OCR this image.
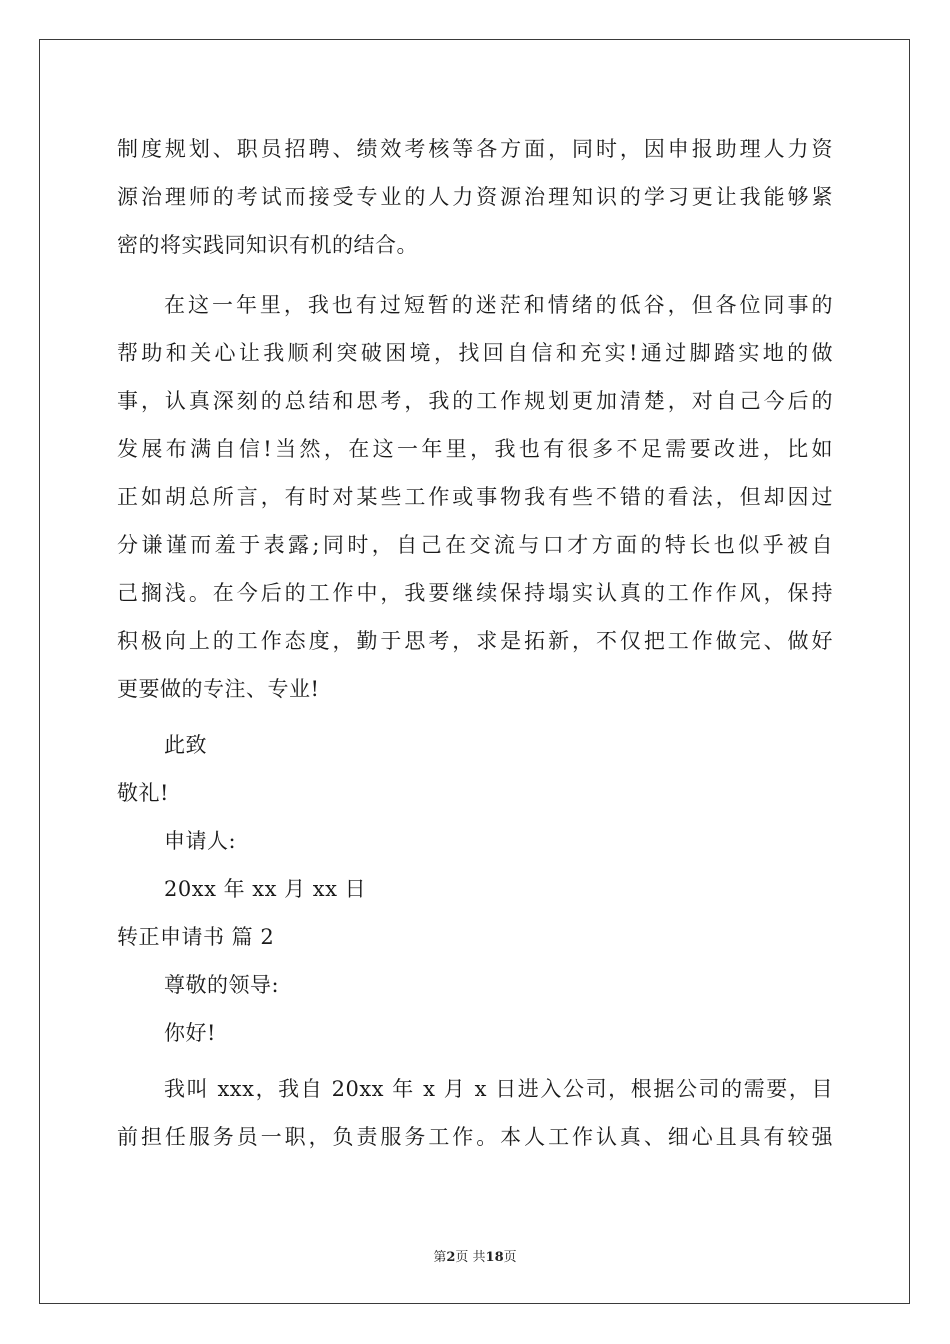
制度规划、职员招聘、绩效考核等各方面，同时，因申报助理人力资
源治理师的考试而接受专业的人力资源治理知识的学习更让我能够紧
密的将实践同知识有机的结合。
在这一年里，我也有过短暂的迷茫和情绪的低谷，但各位同事的
帮助和关心让我顺利突破困境，找回自信和充实!通过脚踏实地的做
事，认真深刻的总结和思考，我的工作规划更加清楚，对自己今后的
发展布满自信!当然，在这一年里，我也有很多不足需要改进，比如
正如胡总所言，有时对某些工作或事物我有些不错的看法，但却因过
分谦谨而羞于表露;同时，自己在交流与口才方面的特长也似乎被自
己搁浅。在今后的工作中，我要继续保持塌实认真的工作作风，保持
积极向上的工作态度，勤于思考，求是拓新，不仅把工作做完、做好
更要做的专注、专业!
此致
敬礼!
申请人:
20xx 年 xx 月 xx 日
转正申请书 篇 2
尊敬的领导:
你好!
我叫 xxx，我自 20xx 年 x 月 x 日进入公司，根据公司的需要，目
前担任服务员一职，负责服务工作。本人工作认真、细心且具有较强
第2页 共18页
